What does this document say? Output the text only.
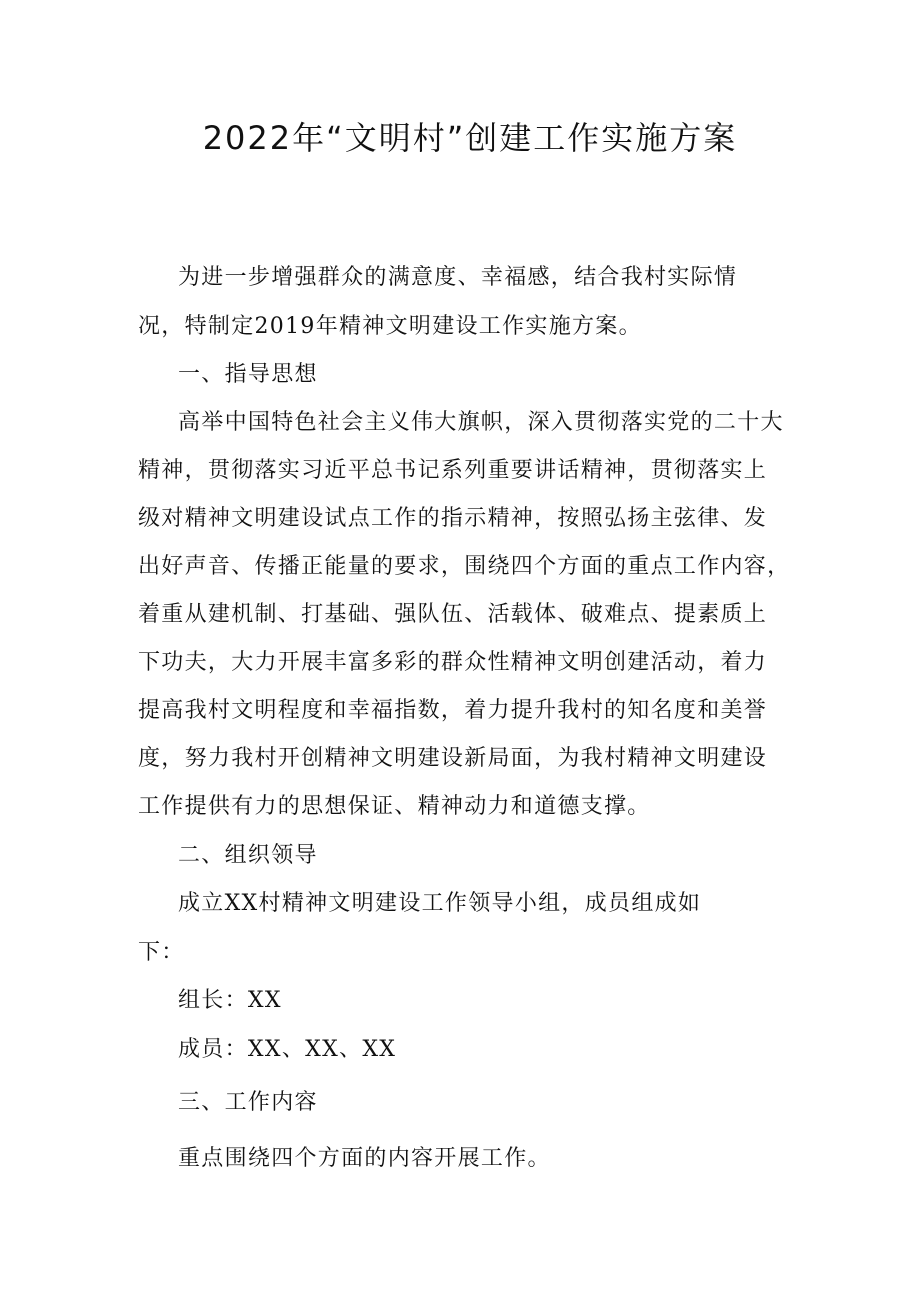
2022年“文明村”创建工作实施方案
为进一步增强群众的满意度、幸福感，结合我村实际情
况，特制定2019年精神文明建设工作实施方案。
一、指导思想
高举中国特色社会主义伟大旗帜，深入贯彻落实党的二十大
精神，贯彻落实习近平总书记系列重要讲话精神，贯彻落实上
级对精神文明建设试点工作的指示精神，按照弘扬主弦律、发
出好声音、传播正能量的要求，围绕四个方面的重点工作内容，
着重从建机制、打基础、强队伍、活载体、破难点、提素质上
下功夫，大力开展丰富多彩的群众性精神文明创建活动，着力
提高我村文明程度和幸福指数，着力提升我村的知名度和美誉
度，努力我村开创精神文明建设新局面，为我村精神文明建设
工作提供有力的思想保证、精神动力和道德支撑。
二、组织领导
成立XX村精神文明建设工作领导小组，成员组成如
下：
组长：XX
成员：XX、XX、XX
三、工作内容
重点围绕四个方面的内容开展工作。
